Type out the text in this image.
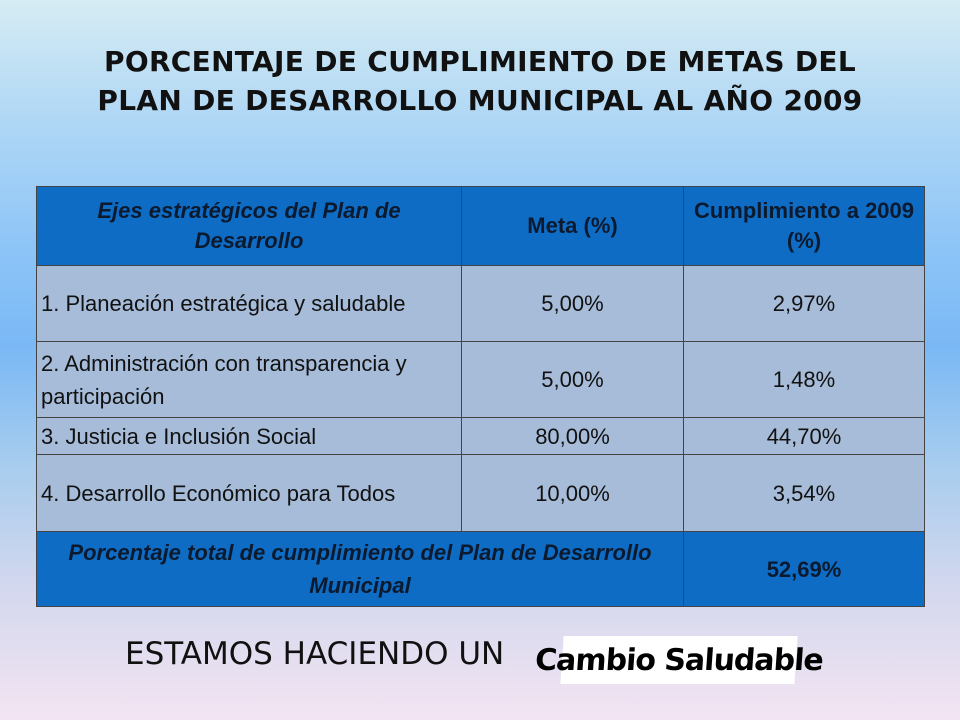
PORCENTAJE DE CUMPLIMIENTO DE METAS DEL
PLAN DE DESARROLLO MUNICIPAL AL AÑO 2009
Ejes estratégicos del Plan de Desarrollo	Meta (%)	Cumplimiento a 2009 (%)
1. Planeación estratégica y saludable	5,00%	2,97%
2. Administración con transparencia y participación	5,00%	1,48%
3. Justicia e Inclusión Social	80,00%	44,70%
4. Desarrollo Económico para Todos	10,00%	3,54%
Porcentaje total de cumplimiento del Plan de Desarrollo Municipal		52,69%
ESTAMOS HACIENDO UN Cambio Saludable
